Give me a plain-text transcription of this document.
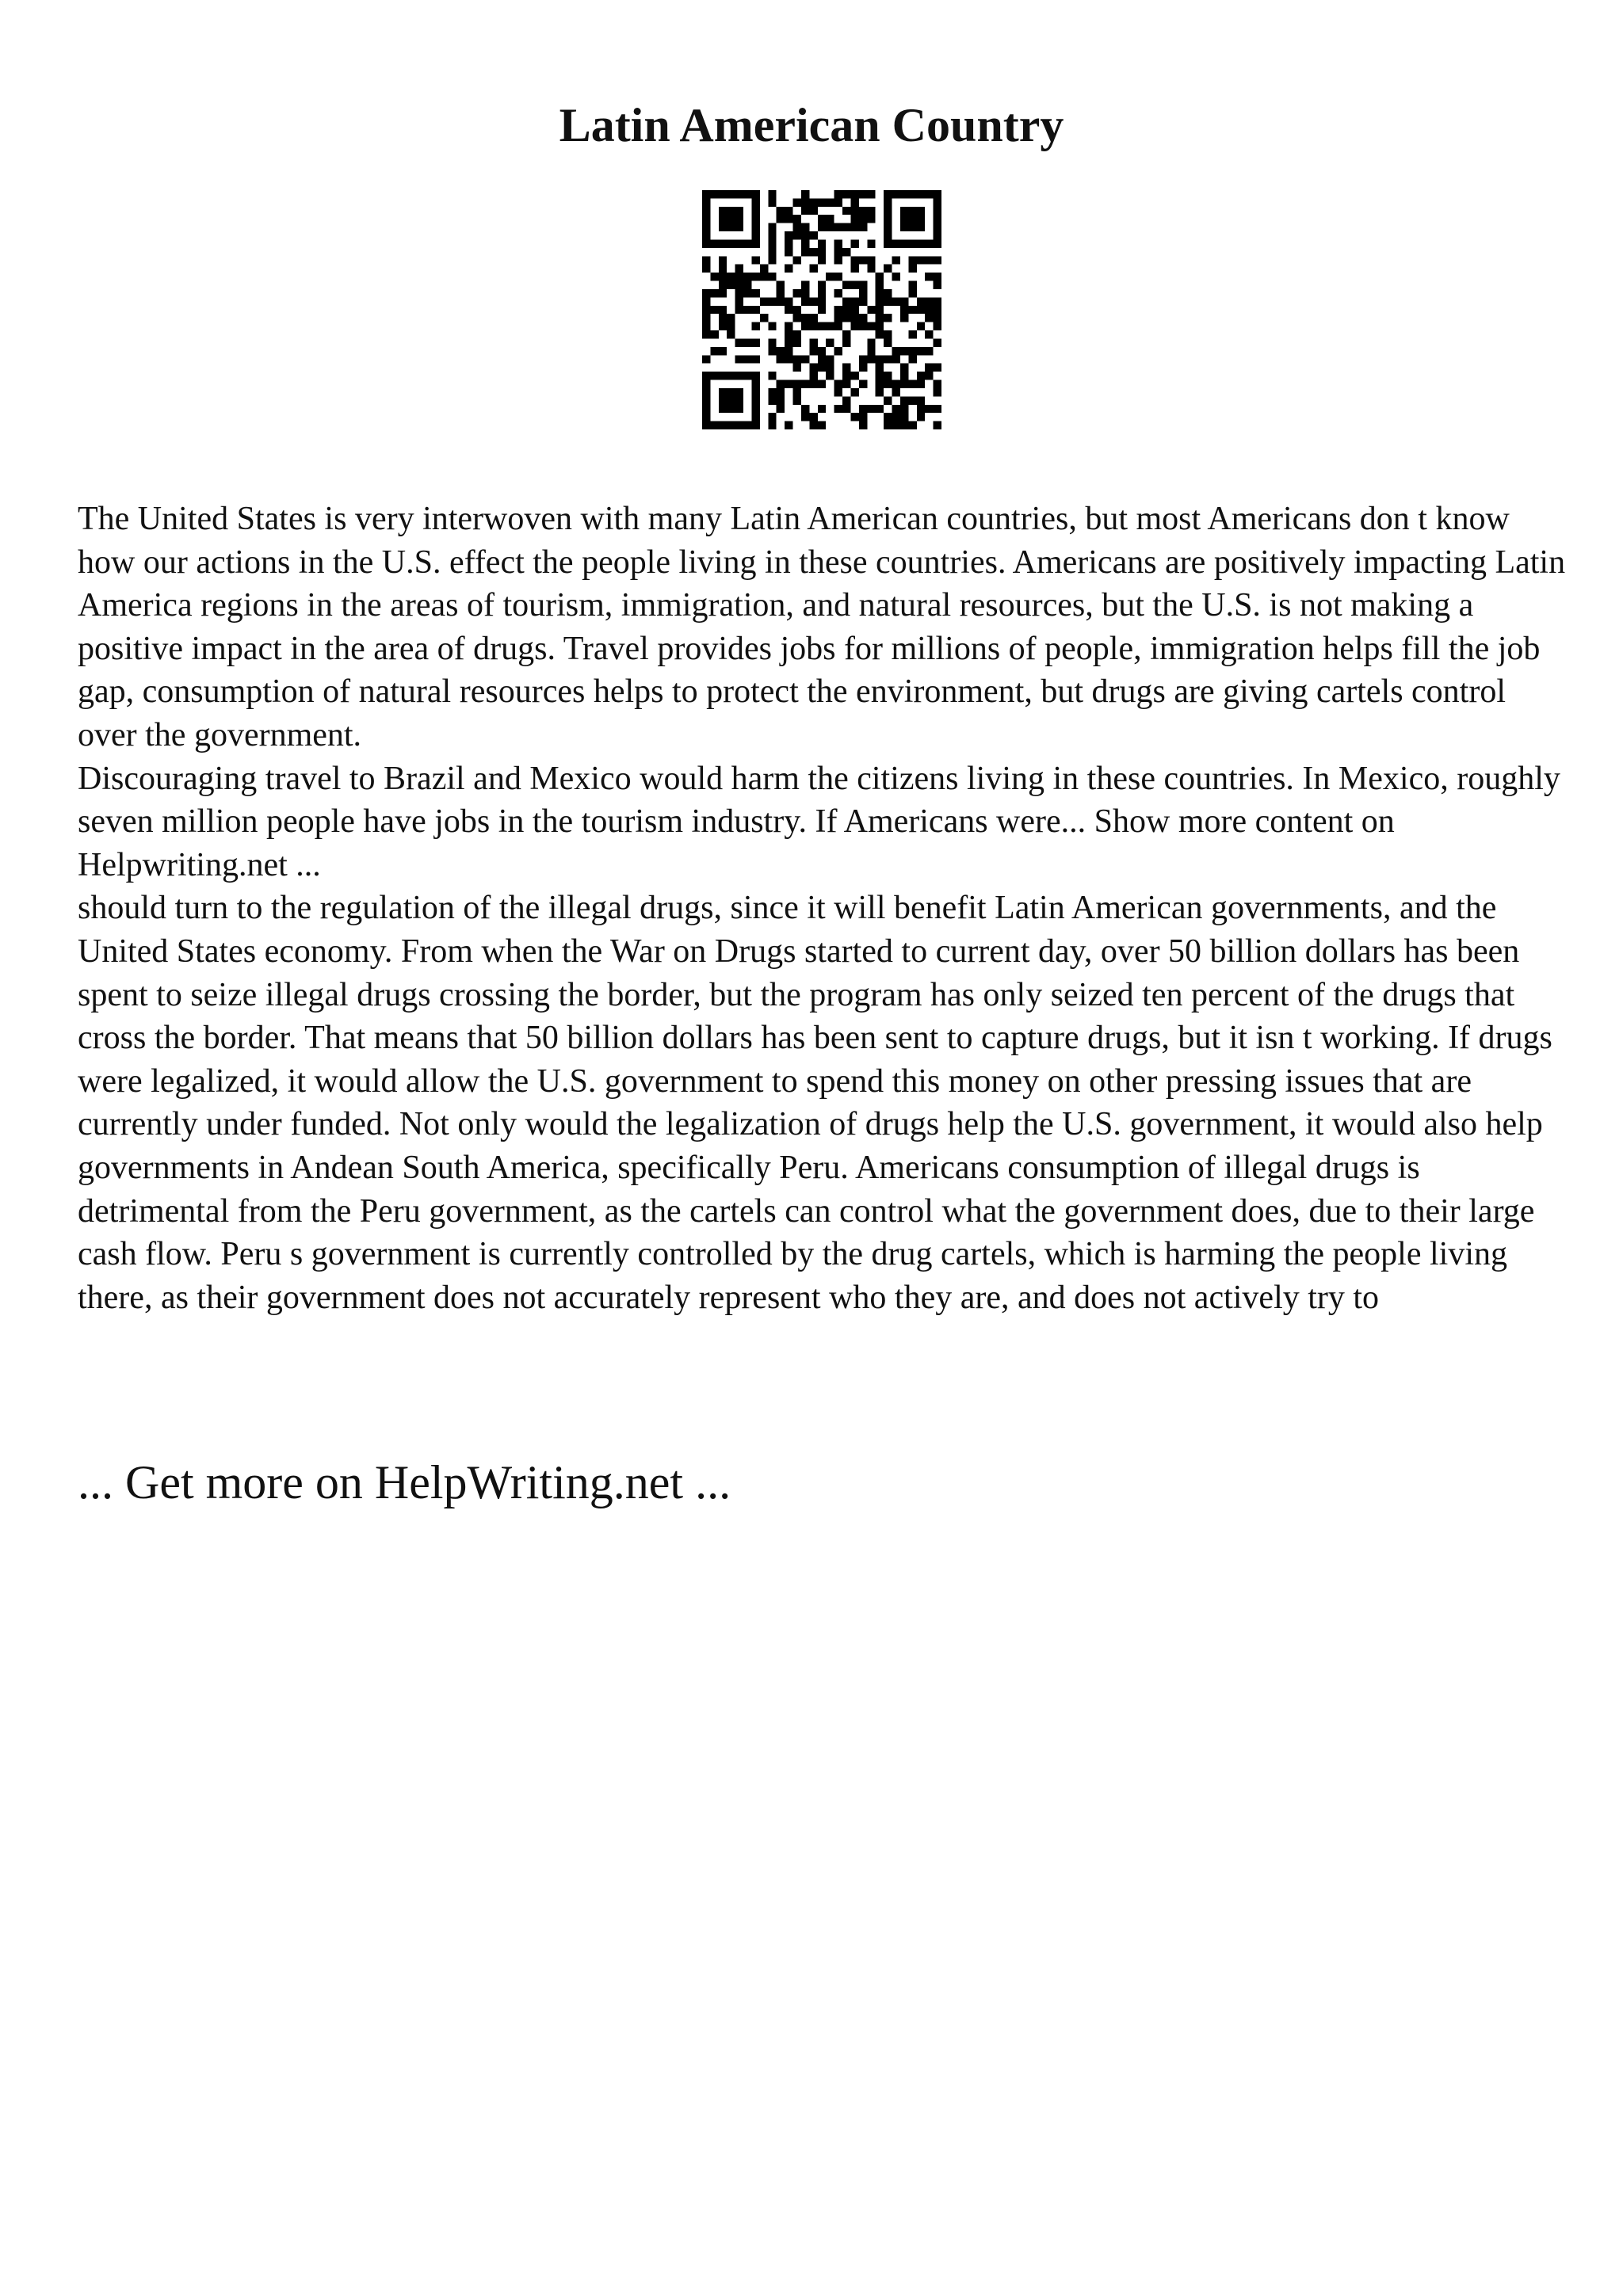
Latin American Country

The United States is very interwoven with many Latin American countries, but most Americans don t know how our actions in the U.S. effect the people living in these countries. Americans are positively impacting Latin America regions in the areas of tourism, immigration, and natural resources, but the U.S. is not making a positive impact in the area of drugs. Travel provides jobs for millions of people, immigration helps fill the job gap, consumption of natural resources helps to protect the environment, but drugs are giving cartels control over the government.

Discouraging travel to Brazil and Mexico would harm the citizens living in these countries. In Mexico, roughly seven million people have jobs in the tourism industry. If Americans were... Show more content on Helpwriting.net ...

should turn to the regulation of the illegal drugs, since it will benefit Latin American governments, and the United States economy. From when the War on Drugs started to current day, over 50 billion dollars has been spent to seize illegal drugs crossing the border, but the program has only seized ten percent of the drugs that cross the border. That means that 50 billion dollars has been sent to capture drugs, but it isn t working. If drugs were legalized, it would allow the U.S. government to spend this money on other pressing issues that are currently under funded. Not only would the legalization of drugs help the U.S. government, it would also help governments in Andean South America, specifically Peru. Americans consumption of illegal drugs is detrimental from the Peru government, as the cartels can control what the government does, due to their large cash flow. Peru s government is currently controlled by the drug cartels, which is harming the people living there, as their government does not accurately represent who they are, and does not actively try to

... Get more on HelpWriting.net ...
